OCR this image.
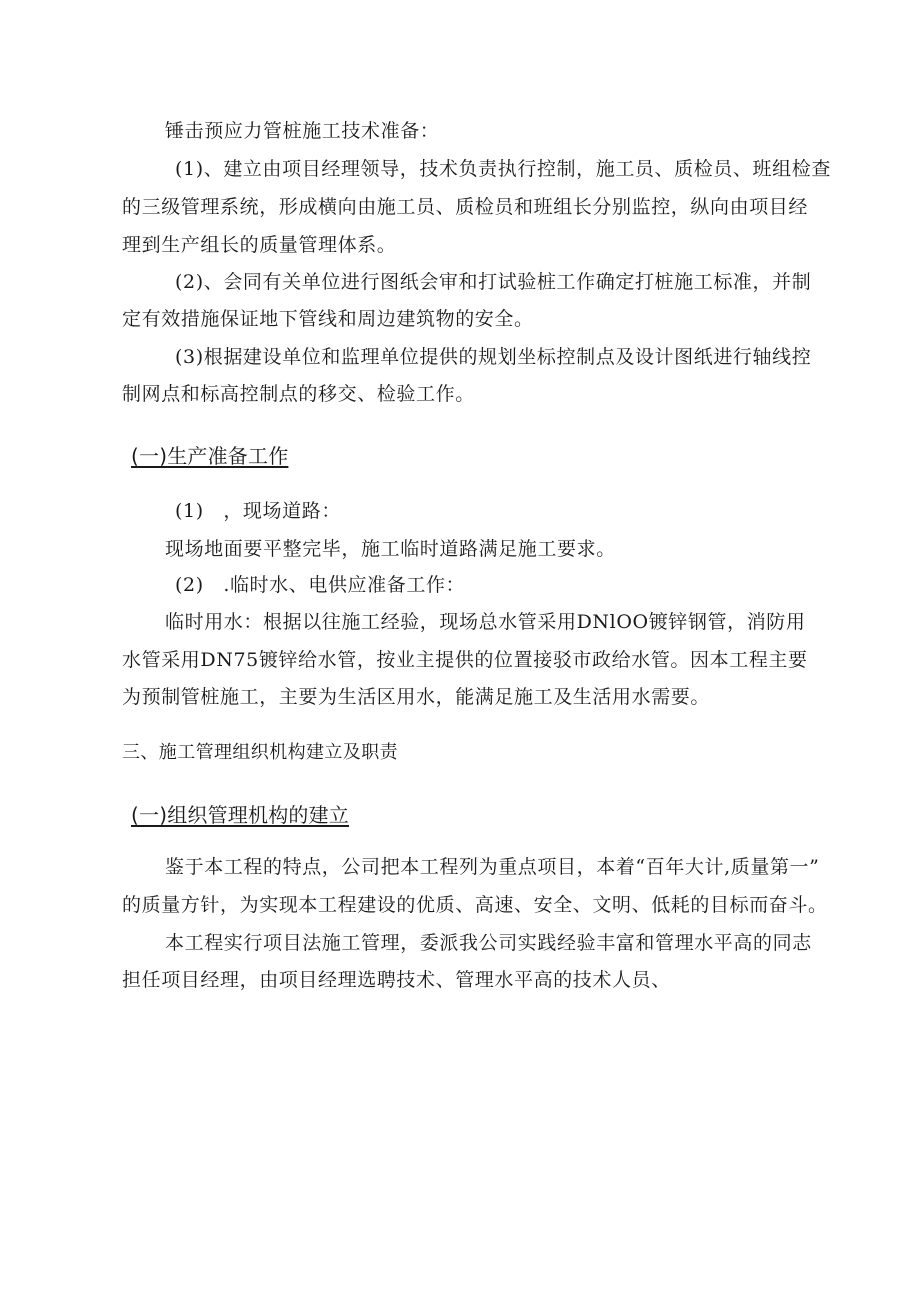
锤击预应力管桩施工技术准备：
(1)、建立由项目经理领导，技术负责执行控制，施工员、质检员、班组检查
的三级管理系统，形成横向由施工员、质检员和班组长分别监控，纵向由项目经
理到生产组长的质量管理体系。
(2)、会同有关单位进行图纸会审和打试验桩工作确定打桩施工标准，并制
定有效措施保证地下管线和周边建筑物的安全。
(3)根据建设单位和监理单位提供的规划坐标控制点及设计图纸进行轴线控
制网点和标高控制点的移交、检验工作。
(一)生产准备工作
(1)　，现场道路：
现场地面要平整完毕，施工临时道路满足施工要求。
(2)　.临时水、电供应准备工作：
临时用水：根据以往施工经验，现场总水管采用DNlOO镀锌钢管，消防用
水管采用DN75镀锌给水管，按业主提供的位置接驳市政给水管。因本工程主要
为预制管桩施工，主要为生活区用水，能满足施工及生活用水需要。
三、施工管理组织机构建立及职责
(一)组织管理机构的建立
鉴于本工程的特点，公司把本工程列为重点项目，本着“百年大计,质量第一”
的质量方针，为实现本工程建设的优质、高速、安全、文明、低耗的目标而奋斗。
本工程实行项目法施工管理，委派我公司实践经验丰富和管理水平高的同志
担任项目经理，由项目经理选聘技术、管理水平高的技术人员、
